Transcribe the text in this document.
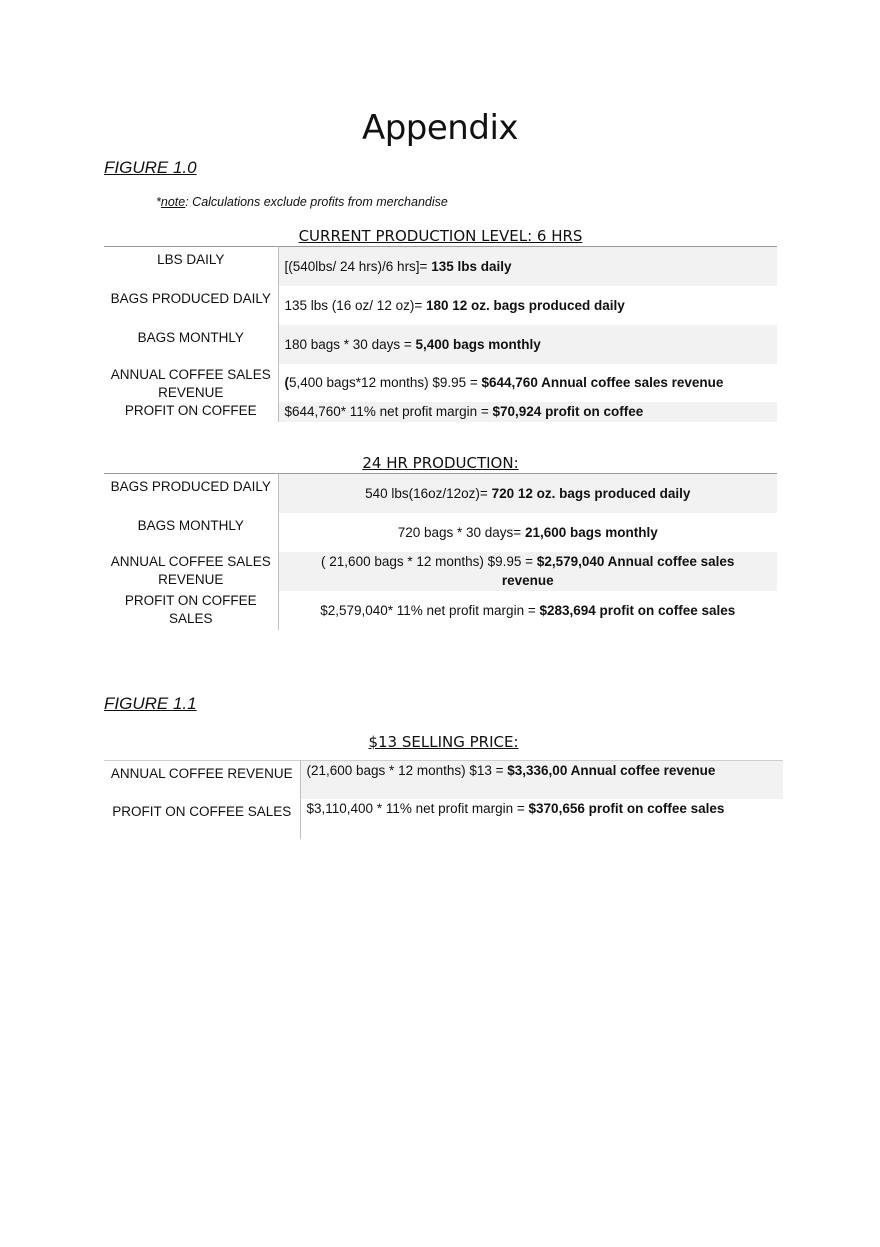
Appendix

FIGURE 1.0

*note: Calculations exclude profits from merchandise
CURRENT PRODUCTION LEVEL: 6 HRS
LBS DAILY	[(540lbs/ 24 hrs)/6 hrs]= 135 lbs daily
BAGS PRODUCED DAILY	135 lbs (16 oz/ 12 oz)= 180 12 oz. bags produced daily
BAGS MONTHLY	180 bags * 30 days = 5,400 bags monthly
ANNUAL COFFEE SALES REVENUE	(5,400 bags*12 months) $9.95 = $644,760 Annual coffee sales revenue
PROFIT ON COFFEE	$644,760* 11% net profit margin = $70,924 profit on coffee
24 HR PRODUCTION:
BAGS PRODUCED DAILY	540 lbs(16oz/12oz)= 720 12 oz. bags produced daily
BAGS MONTHLY	720 bags * 30 days= 21,600 bags monthly
ANNUAL COFFEE SALES REVENUE	( 21,600 bags * 12 months) $9.95 = $2,579,040 Annual coffee sales revenue
PROFIT ON COFFEE SALES	$2,579,040* 11% net profit margin = $283,694 profit on coffee sales

FIGURE 1.1

$13 SELLING PRICE:
ANNUAL COFFEE REVENUE	(21,600 bags * 12 months) $13 = $3,336,00 Annual coffee revenue
PROFIT ON COFFEE SALES	$3,110,400 * 11% net profit margin = $370,656 profit on coffee sales
